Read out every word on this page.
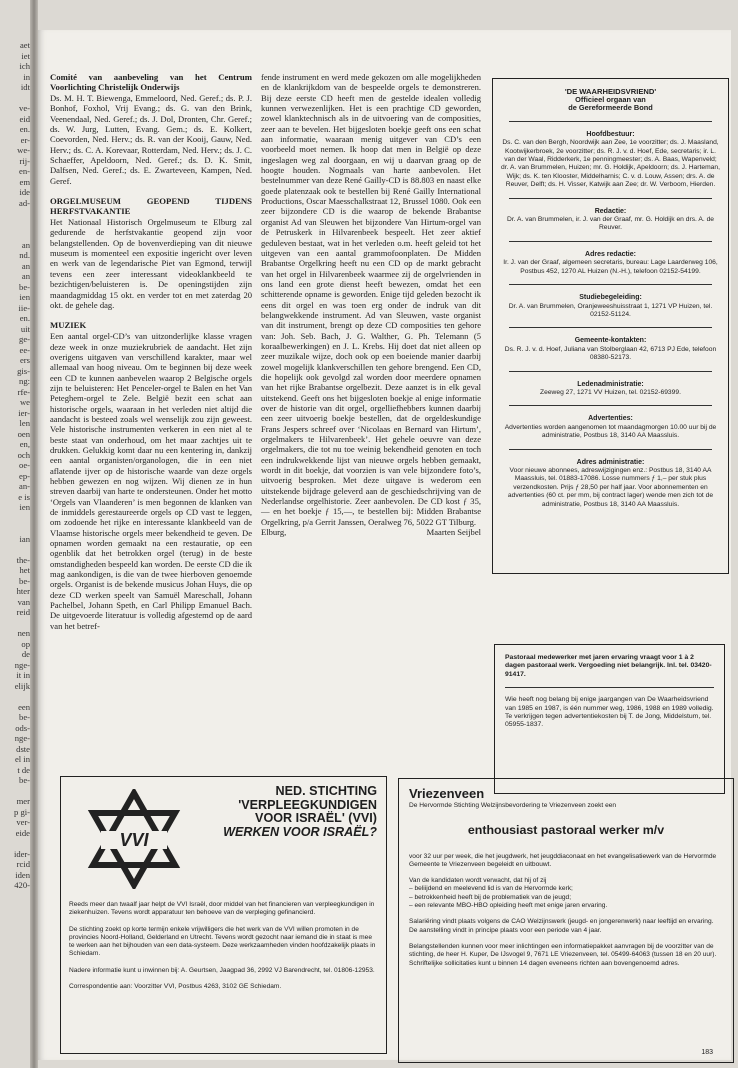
aet
iet
ich
in
idt

ve-
eid
en.
er-
we-
rij-
en-
em
ide
ad-

an
nd.
an
an
be-
ien
iie-
en.
uit
ge-
ee-
ers
gis-
ng:
rfe-
we
ier-
len
oen
en,
och
oe-
ep-
an-
e is
ien

ian

the-
het
be-
hter
van
reid

nen
op
de
nge-
it in
elijk

een
be-
ods-
nge-
dste
el in
t de
be-

mer
p gi-
ver-
eide

ider-
rcid
iden
420-
Comité van aanbeveling van het Centrum Voorlichting Christelijk Onderwijs

Ds. M. H. T. Biewenga, Emmeloord, Ned. Geref.; ds. P. J. Bonhof, Foxhol, Vrij Evang.; ds. G. van den Brink, Veenendaal, Ned. Geref.; ds. J. Dol, Dronten, Chr. Geref.; ds. W. Jurg, Lutten, Evang. Gem.; ds. E. Kolkert, Coevorden, Ned. Herv.; ds. R. van der Kooij, Gauw, Ned. Herv.; ds. C. A. Korevaar, Rotterdam, Ned. Herv.; ds. J. C. Schaeffer, Apeldoorn, Ned. Geref.; ds. D. K. Smit, Dalfsen, Ned. Geref.; ds. E. Zwarteveen, Kampen, Ned. Geref.

ORGELMUSEUM GEOPEND TIJDENS HERFSTVAKANTIE

Het Nationaal Historisch Orgelmuseum te Elburg zal gedurende de herfstvakantie geopend zijn voor belangstellenden. Op de bovenverdieping van dit nieuwe museum is momenteel een expositie ingericht over leven en werk van de legendarische Piet van Egmond, terwijl tevens een zeer interessant videoklankbeeld te bezichtigen/beluisteren is. De openingstijden zijn maandagmiddag 15 okt. en verder tot en met zaterdag 20 okt. de gehele dag.

MUZIEK

Een aantal orgel-CD’s van uitzonderlijke klasse vragen deze week in onze muziekrubriek de aandacht. Het zijn overigens uitgaven van verschillend karakter, maar wel allemaal van hoog niveau. Om te beginnen bij deze week een CD te kunnen aanbevelen waarop 2 Belgische orgels zijn te beluisteren: Het Penceler-orgel te Balen en het Van Peteghem-orgel te Zele. België bezit een schat aan historische orgels, waaraan in het verleden niet altijd die aandacht is besteed zoals wel wenselijk zou zijn geweest. Vele historische instrumenten verkeren in een niet al te beste staat van onderhoud, om het maar zachtjes uit te drukken. Gelukkig komt daar nu een kentering in, dankzij een aantal organisten/organologen, die in een niet aflatende ijver op de historische waarde van deze orgels hebben gewezen en nog wijzen. Wij dienen ze in hun streven daarbij van harte te ondersteunen. Onder het motto ‘Orgels van Vlaanderen’ is men begonnen de klanken van de inmiddels gerestaureerde orgels op CD vast te leggen, om zodoende het rijke en interessante klankbeeld van de Vlaamse historische orgels meer bekendheid te geven. De opnamen worden gemaakt na een restauratie, op een ogenblik dat het betrokken orgel (terug) in de beste omstandigheden bespeeld kan worden. De eerste CD die ik mag aankondigen, is die van de twee hierboven genoemde orgels. Organist is de bekende musicus Johan Huys, die op deze CD werken speelt van Samuël Mareschall, Johann Pachelbel, Johann Speth, en Carl Philipp Emanuel Bach. De uitgevoerde literatuur is volledig afgestemd op de aard van het betref-

fende instrument en werd mede gekozen om alle mogelijkheden en de klankrijkdom van de bespeelde orgels te demonstreren. Bij deze eerste CD heeft men de gestelde idealen volledig kunnen verwezenlijken. Het is een prachtige CD geworden, zowel klanktechnisch als in de uitvoering van de composities, zeer aan te bevelen. Het bijgesloten boekje geeft ons een schat aan informatie, waaraan menig uitgever van CD’s een voorbeeld moet nemen. Ik hoop dat men in België op deze ingeslagen weg zal doorgaan, en wij u daarvan graag op de hoogte houden. Nogmaals van harte aanbevolen. Het bestelnummer van deze René Gailly-CD is 88.803 en naast elke goede platenzaak ook te bestellen bij René Gailly International Productions, Oscar Maesschalkstraat 12, Brussel 1080. Ook een zeer bijzondere CD is die waarop de bekende Brabantse organist Ad van Sleuwen het bijzondere Van Hirtum-orgel van de Petruskerk in Hilvarenbeek bespeelt. Het zeer aktief geduleven bestaat, wat in het verleden o.m. heeft geleid tot het uitgeven van een aantal grammofoonplaten. De Midden Brabantse Orgelkring heeft nu een CD op de markt gebracht van het orgel in Hilvarenbeek waarmee zij de orgelvrienden in ons land een grote dienst heeft bewezen, omdat het een schitterende opname is geworden. Enige tijd geleden bezocht ik eens dit orgel en was toen erg onder de indruk van dit belangwekkende instrument. Ad van Sleuwen, vaste organist van dit instrument, brengt op deze CD composities ten gehore van: Joh. Seb. Bach, J. G. Walther, G. Ph. Telemann (5 koraalbewerkingen) en J. L. Krebs. Hij doet dat niet alleen op zeer muzikale wijze, doch ook op een boeiende manier daarbij zowel mogelijk klankverschillen ten gehore brengend. Een CD, die hopelijk ook gevolgd zal worden door meerdere opnamen van het rijke Brabantse orgelbezit. Deze aanzet is in elk geval uitstekend. Geeft ons het bijgesloten boekje al enige informatie over de historie van dit orgel, orgelliefhebbers kunnen daarbij een zeer uitvoerig boekje bestellen, dat de orgeldeskundige Frans Jespers schreef over ‘Nicolaas en Bernard van Hirtum’, orgelmakers te Hilvarenbeek’. Het gehele oeuvre van deze orgelmakers, die tot nu toe weinig bekendheid genoten en toch een indrukwekkende lijst van nieuwe orgels hebben gemaakt, wordt in dit boekje, dat voorzien is van vele bijzondere foto’s, uitvoerig besproken. Met deze uitgave is wederom een uitstekende bijdrage geleverd aan de geschiedschrijving van de Nederlandse orgelhistorie. Zeer aanbevolen. De CD kost ƒ 35,— en het boekje ƒ 15,—, te bestellen bij: Midden Brabantse Orgelkring, p/a Gerrit Janssen, Oeralweg 76, 5022 GT Tilburg.

Elburg,	Maarten Seijbel
'DE WAARHEIDSVRIEND'
Officieel orgaan van
de Gereformeerde Bond
Hoofdbestuur:
Ds. C. van den Bergh, Noordwijk aan Zee, 1e voorzitter; ds. J. Maasland, Kootwijkerbroek, 2e voorzitter; ds. R. J. v. d. Hoef, Ede, secretaris; ir. L. van der Waal, Ridderkerk, 1e penningmeester; ds. A. Baas, Wapenveld; dr. A. van Brummelen, Huizen; mr. G. Holdijk, Apeldoorn; ds. J. Harteman, Wijk; ds. K. ten Klooster, Middelharnis; C. v. d. Louw, Assen; drs. A. de Reuver, Delft; ds. H. Visser, Katwijk aan Zee; dr. W. Verboom, Hierden.
Redactie:
Dr. A. van Brummelen, ir. J. van der Graaf, mr. G. Holdijk en drs. A. de Reuver.
Adres redactie:
Ir. J. van der Graaf, algemeen secretaris, bureau: Lage Laarderweg 106, Postbus 452, 1270 AL Huizen (N.-H.), telefoon 02152-54199.
Studiebegeleiding:
Dr. A. van Brummelen, Oranjeweeshuisstraat 1, 1271 VP Huizen, tel. 02152-51124.
Gemeente-kontakten:
Ds. R. J. v. d. Hoef, Juliana van Stolberglaan 42, 6713 PJ Ede, telefoon 08380-52173.
Ledenadministratie:
Zeeweg 27, 1271 VV Huizen, tel. 02152-69399.
Advertenties:
Advertenties worden aangenomen tot maandagmorgen 10.00 uur bij de administratie, Postbus 18, 3140 AA Maassluis.
Adres administratie:
Voor nieuwe abonnees, adreswijzigingen enz.: Postbus 18, 3140 AA Maassluis, tel. 01883-17086. Losse nummers ƒ 1,– per stuk plus verzendkosten. Prijs ƒ 28,50 per half jaar. Voor abonnementen en advertenties (60 ct. per mm, bij contract lager) wende men zich tot de administratie, Postbus 18, 3140 AA Maassluis.
Pastoraal medewerker met jaren ervaring vraagt voor 1 à 2 dagen pastoraal werk. Vergoeding niet belangrijk. Inl. tel. 03420-91417.
Wie heeft nog belang bij enige jaargangen van De Waarheidsvriend van 1985 en 1987, is één nummer weg, 1986, 1988 en 1989 volledig. Te verkrijgen tegen advertentiekosten bij T. de Jong, Middelstum, tel. 05955-1837.
VVI
NED. STICHTING
'VERPLEEGKUNDIGEN
VOOR ISRAËL' (VVI)
WERKEN VOOR ISRAËL?

Reeds meer dan twaalf jaar helpt de VVI Israël, door middel van het financieren van verpleegkundigen in ziekenhuizen. Tevens wordt apparatuur ten behoeve van de verpleging gefinancierd.

De stichting zoekt op korte termijn enkele vrijwilligers die het werk van de VVI willen promoten in de provincies Noord-Holland, Gelderland en Utrecht. Tevens wordt gezocht naar iemand die in staat is mee te werken aan het bijhouden van een data-systeem. Deze werkzaamheden vinden hoofdzakelijk plaats in Schiedam.

Nadere informatie kunt u inwinnen bij: A. Geurtsen, Jaagpad 36, 2992 VJ Barendrecht, tel. 01806-12953.

Correspondentie aan: Voorzitter VVI, Postbus 4263, 3102 GE Schiedam.

Vriezenveen
De Hervormde Stichting Welzijnsbevordering te Vriezenveen zoekt een
enthousiast pastoraal werker m/v

voor 32 uur per week, die het jeugdwerk, het jeugddiaconaat en het evangelisatiewerk van de Hervormde Gemeente te Vriezenveen begeleidt en uitbouwt.

Van de kandidaten wordt verwacht, dat hij of zij
– beliijdend en meelevend lid is van de Hervormde kerk;
– betrokkenheid heeft bij de problematiek van de jeugd;
– een relevante MBO-HBO opleiding heeft met enige jaren ervaring.

Salariëring vindt plaats volgens de CAO Welzijnswerk (jeugd- en jongerenwerk) naar leeftijd en ervaring. De aanstelling vindt in principe plaats voor een periode van 4 jaar.

Belangstellenden kunnen voor meer inlichtingen een informatiepakket aanvragen bij de voorzitter van de stichting, de heer H. Kuper, De IJsvogel 9, 7671 LE Vriezenveen, tel. 05499-64063 (tussen 18 en 20 uur). Schriftelijke sollicitaties kunt u binnen 14 dagen eveneens richten aan bovengenoemd adres.

183
